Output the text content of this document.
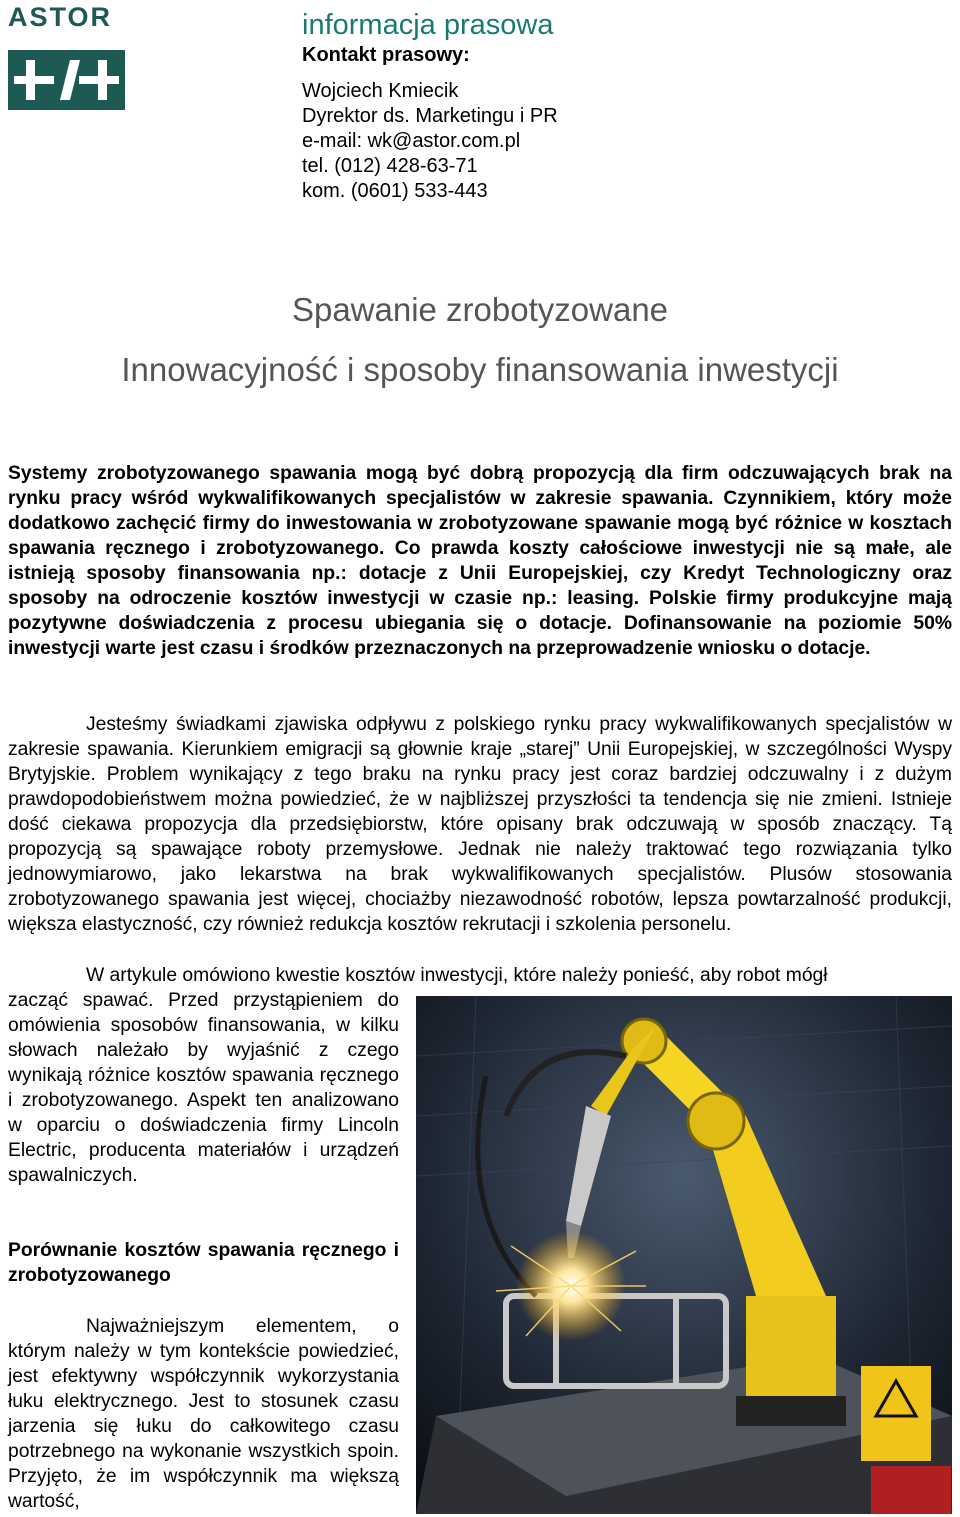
ASTOR	informacja prasowa
Kontakt prasowy:
Wojciech Kmiecik
Dyrektor ds. Marketingu i PR
e-mail: wk@astor.com.pl
tel. (012) 428-63-71
kom. (0601) 533-443
Spawanie zrobotyzowane
Innowacyjność i sposoby finansowania inwestycji
Systemy zrobotyzowanego spawania mogą być dobrą propozycją dla firm odczuwających brak na rynku pracy wśród wykwalifikowanych specjalistów w zakresie spawania. Czynnikiem, który może dodatkowo zachęcić firmy do inwestowania w zrobotyzowane spawanie mogą być różnice w kosztach spawania ręcznego i zrobotyzowanego. Co prawda koszty całościowe inwestycji nie są małe, ale istnieją sposoby finansowania np.: dotacje z Unii Europejskiej, czy Kredyt Technologiczny oraz sposoby na odroczenie kosztów inwestycji w czasie np.: leasing. Polskie firmy produkcyjne mają pozytywne doświadczenia z procesu ubiegania się o dotacje. Dofinansowanie na poziomie 50% inwestycji warte jest czasu i środków przeznaczonych na przeprowadzenie wniosku o dotacje.
Jesteśmy świadkami zjawiska odpływu z polskiego rynku pracy wykwalifikowanych specjalistów w zakresie spawania. Kierunkiem emigracji są głownie kraje „starej” Unii Europejskiej, w szczególności Wyspy Brytyjskie. Problem wynikający z tego braku na rynku pracy jest coraz bardziej odczuwalny i z dużym prawdopodobieństwem można powiedzieć, że w najbliższej przyszłości ta tendencja się nie zmieni. Istnieje dość ciekawa propozycja dla przedsiębiorstw, które opisany brak odczuwają w sposób znaczący. Tą propozycją są spawające roboty przemysłowe. Jednak nie należy traktować tego rozwiązania tylko jednowymiarowo, jako lekarstwa na brak wykwalifikowanych specjalistów. Plusów stosowania zrobotyzowanego spawania jest więcej, chociażby niezawodność robotów, lepsza powtarzalność produkcji, większa elastyczność, czy również redukcja kosztów rekrutacji i szkolenia personelu.
W artykule omówiono kwestie kosztów inwestycji, które należy ponieść, aby robot mógł
zacząć spawać. Przed przystąpieniem do omówienia sposobów finansowania, w kilku słowach należało by wyjaśnić z czego wynikają różnice kosztów spawania ręcznego i zrobotyzowanego. Aspekt ten analizowano w oparciu o doświadczenia firmy Lincoln Electric, producenta materiałów i urządzeń spawalniczych.
Porównanie kosztów spawania ręcznego i zrobotyzowanego
Najważniejszym elementem, o którym należy w tym kontekście powiedzieć, jest efektywny współczynnik wykorzystania łuku elektrycznego. Jest to stosunek czasu jarzenia się łuku do całkowitego czasu potrzebnego na wykonanie wszystkich spoin. Przyjęto, że im współczynnik ma większą wartość,
